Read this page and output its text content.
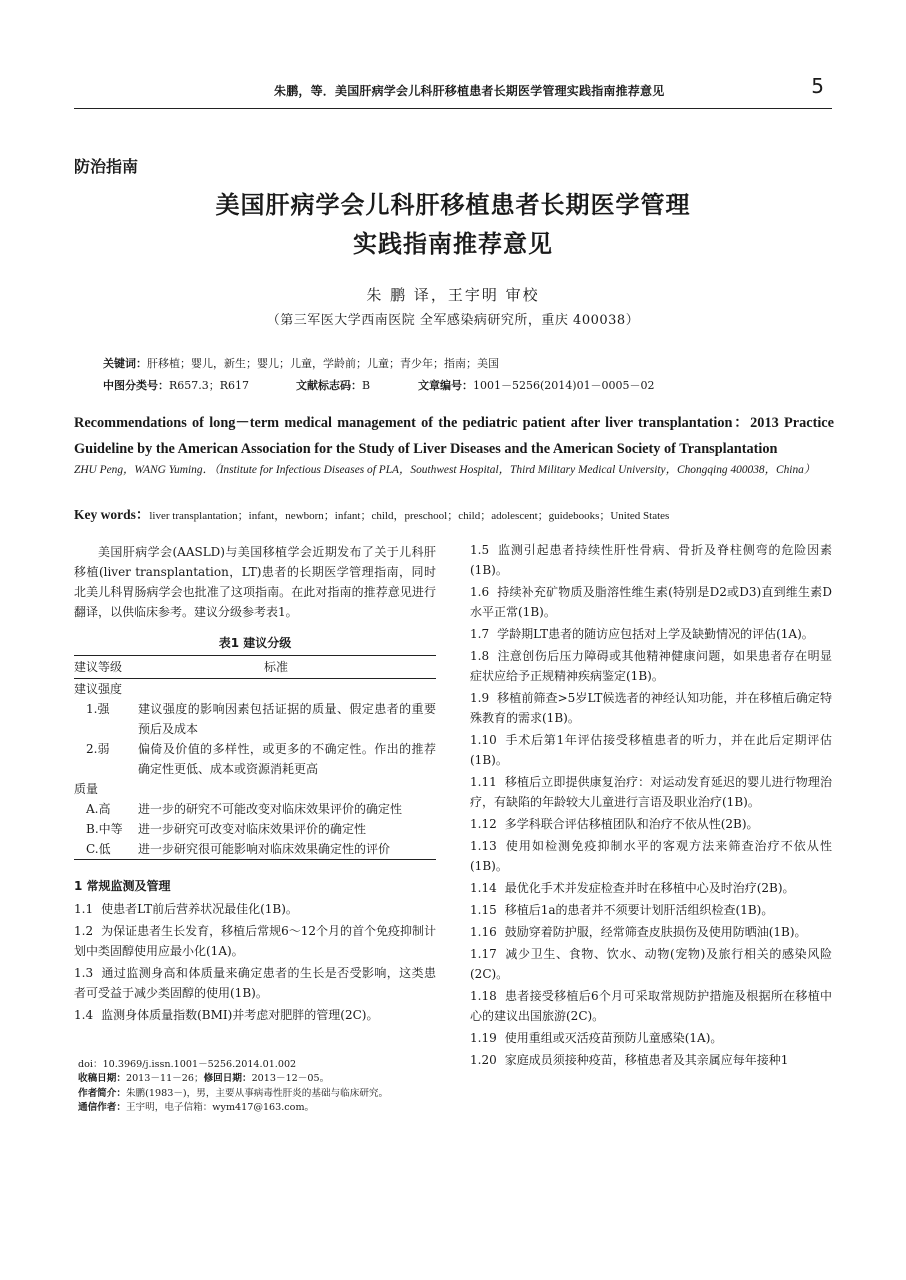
朱鹏，等．美国肝病学会儿科肝移植患者长期医学管理实践指南推荐意见	5
防治指南
美国肝病学会儿科肝移植患者长期医学管理
实践指南推荐意见
朱 鹏 译，王宇明 审校
（第三军医大学西南医院 全军感染病研究所，重庆 400038）
关键词：肝移植；婴儿，新生；婴儿；儿童，学龄前；儿童；青少年；指南；美国
中图分类号：R657.3；R617	文献标志码：B	文章编号：1001－5256(2014)01－0005－02
Recommendations of long－term medical management of the pediatric patient after liver transplantation：2013 Practice Guideline by the American Association for the Study of Liver Diseases and the American Society of Transplantation
ZHU Peng，WANG Yuming．（Institute for Infectious Diseases of PLA，Southwest Hospital，Third Military Medical University，Chongqing 400038，China）
Key words：liver transplantation；infant，newborn；infant；child，preschool；child；adolescent；guidebooks；United States
美国肝病学会(AASLD)与美国移植学会近期发布了关于儿科肝移植(liver transplantation，LT)患者的长期医学管理指南，同时北美儿科胃肠病学会也批准了这项指南。在此对指南的推荐意见进行翻译，以供临床参考。建议分级参考表1。
表1 建议分级
建议等级	标准
建议强度
1.强 建议强度的影响因素包括证据的质量、假定患者的重要预后及成本
2.弱 偏倚及价值的多样性，或更多的不确定性。作出的推荐确定性更低、成本或资源消耗更高
质量
A.高 进一步的研究不可能改变对临床效果评价的确定性
B.中等 进一步研究可改变对临床效果评价的确定性
C.低 进一步研究很可能影响对临床效果确定性的评价
1 常规监测及管理

1.1 使患者LT前后营养状况最佳化(1B)。

1.2 为保证患者生长发育，移植后常规6～12个月的首个免疫抑制计划中类固醇使用应最小化(1A)。

1.3 通过监测身高和体质量来确定患者的生长是否受影响，这类患者可受益于减少类固醇的使用(1B)。

1.4 监测身体质量指数(BMI)并考虑对肥胖的管理(2C)。

doi：10.3969/j.issn.1001－5256.2014.01.002
收稿日期：2013－11－26；修回日期：2013－12－05。
作者简介：朱鹏(1983－)，男，主要从事病毒性肝炎的基础与临床研究。
通信作者：王宇明，电子信箱：wym417@163.com。

1.5 监测引起患者持续性肝性骨病、骨折及脊柱侧弯的危险因素(1B)。

1.6 持续补充矿物质及脂溶性维生素(特别是D2或D3)直到维生素D水平正常(1B)。

1.7 学龄期LT患者的随访应包括对上学及缺勤情况的评估(1A)。

1.8 注意创伤后压力障碍或其他精神健康问题，如果患者存在明显症状应给予正规精神疾病鉴定(1B)。

1.9 移植前筛查>5岁LT候选者的神经认知功能，并在移植后确定特殊教育的需求(1B)。

1.10 手术后第1年评估接受移植患者的听力，并在此后定期评估(1B)。

1.11 移植后立即提供康复治疗：对运动发育延迟的婴儿进行物理治疗，有缺陷的年龄较大儿童进行言语及职业治疗(1B)。

1.12 多学科联合评估移植团队和治疗不依从性(2B)。

1.13 使用如检测免疫抑制水平的客观方法来筛查治疗不依从性(1B)。

1.14 最优化手术并发症检查并时在移植中心及时治疗(2B)。

1.15 移植后1a的患者并不须要计划肝活组织检查(1B)。

1.16 鼓励穿着防护服，经常筛查皮肤损伤及使用防晒油(1B)。

1.17 减少卫生、食物、饮水、动物(宠物)及旅行相关的感染风险(2C)。

1.18 患者接受移植后6个月可采取常规防护措施及根据所在移植中心的建议出国旅游(2C)。

1.19 使用重组或灭活疫苗预防儿童感染(1A)。

1.20 家庭成员须接种疫苗，移植患者及其亲属应每年接种1
